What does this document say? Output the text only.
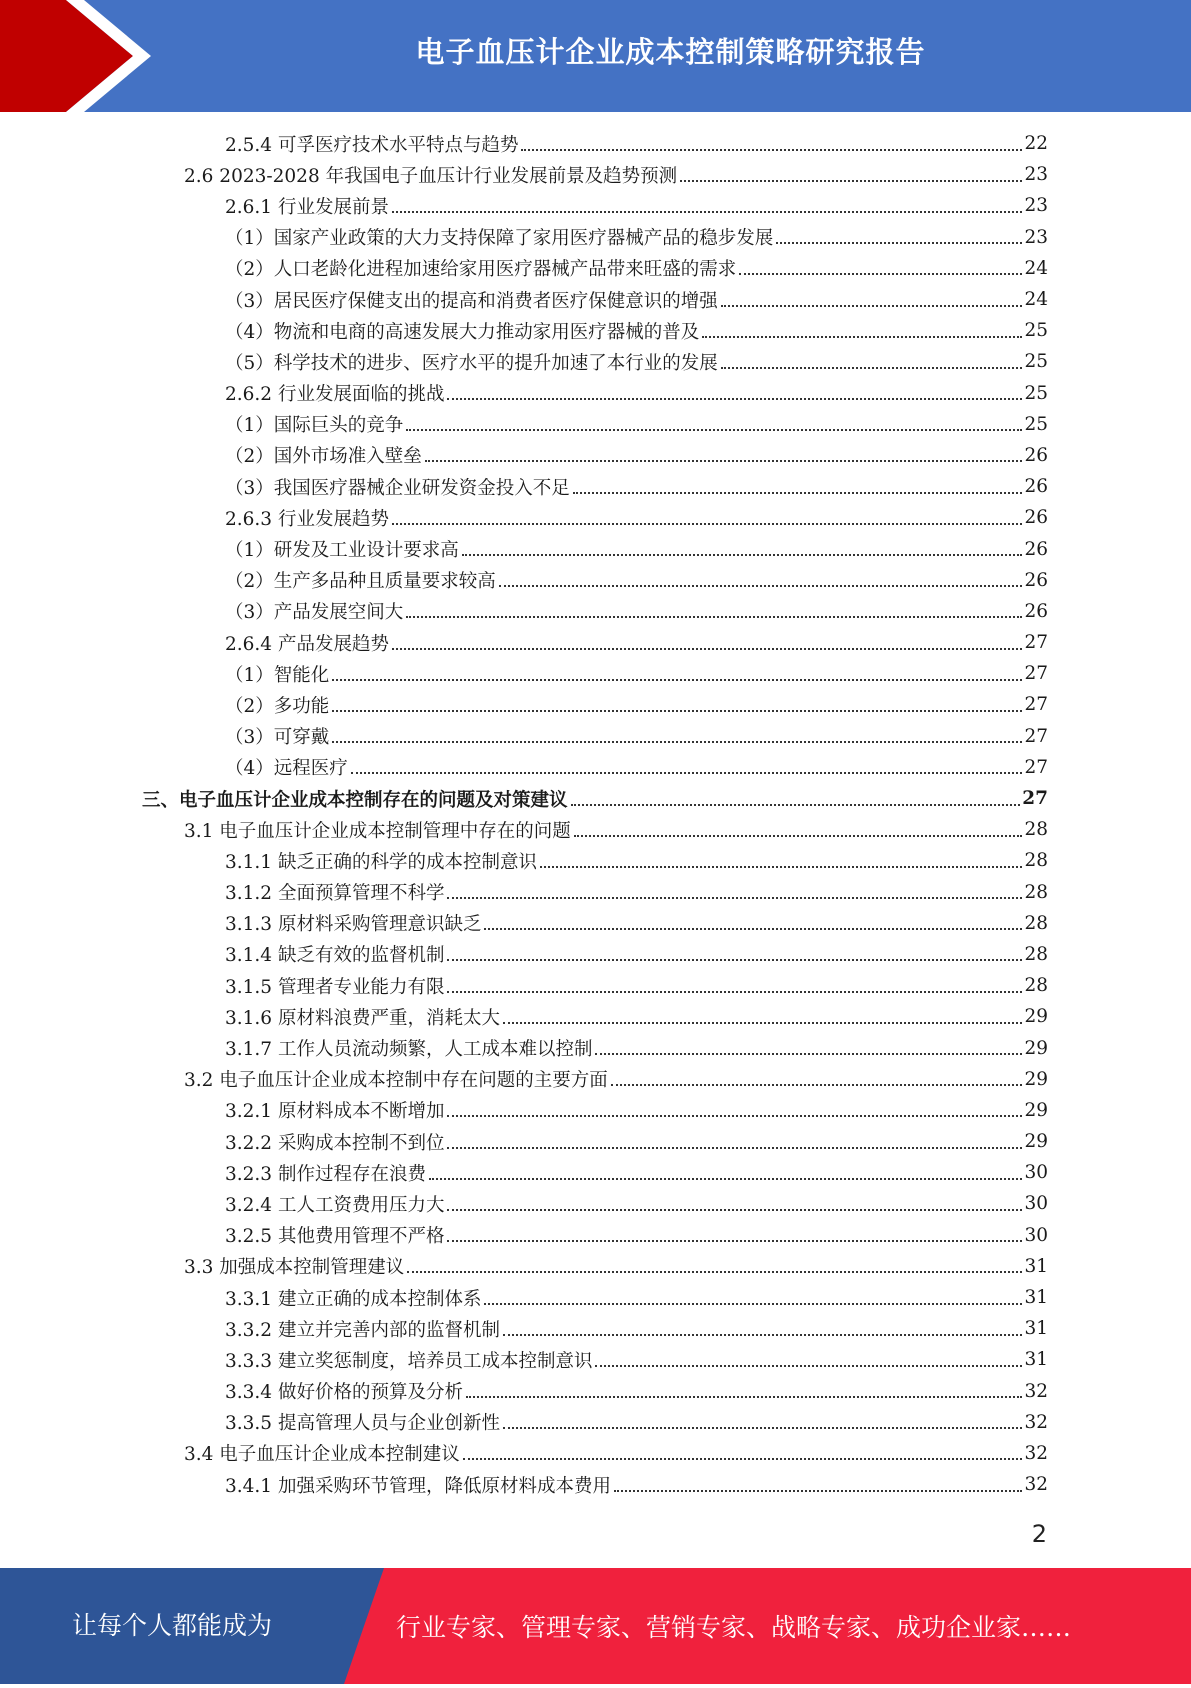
电子血压计企业成本控制策略研究报告
2.5.4 可孚医疗技术水平特点与趋势	22
2.6 2023-2028 年我国电子血压计行业发展前景及趋势预测	23
2.6.1 行业发展前景	23
（1）国家产业政策的大力支持保障了家用医疗器械产品的稳步发展	23
（2）人口老龄化进程加速给家用医疗器械产品带来旺盛的需求	24
（3）居民医疗保健支出的提高和消费者医疗保健意识的增强	24
（4）物流和电商的高速发展大力推动家用医疗器械的普及	25
（5）科学技术的进步、医疗水平的提升加速了本行业的发展	25
2.6.2 行业发展面临的挑战	25
（1）国际巨头的竞争	25
（2）国外市场准入壁垒	26
（3）我国医疗器械企业研发资金投入不足	26
2.6.3 行业发展趋势	26
（1）研发及工业设计要求高	26
（2）生产多品种且质量要求较高	26
（3）产品发展空间大	26
2.6.4 产品发展趋势	27
（1）智能化	27
（2）多功能	27
（3）可穿戴	27
（4）远程医疗	27
三、电子血压计企业成本控制存在的问题及对策建议	27
3.1 电子血压计企业成本控制管理中存在的问题	28
3.1.1 缺乏正确的科学的成本控制意识	28
3.1.2 全面预算管理不科学	28
3.1.3 原材料采购管理意识缺乏	28
3.1.4 缺乏有效的监督机制	28
3.1.5 管理者专业能力有限	28
3.1.6 原材料浪费严重，消耗太大	29
3.1.7 工作人员流动频繁，人工成本难以控制	29
3.2 电子血压计企业成本控制中存在问题的主要方面	29
3.2.1 原材料成本不断增加	29
3.2.2 采购成本控制不到位	29
3.2.3 制作过程存在浪费	30
3.2.4 工人工资费用压力大	30
3.2.5 其他费用管理不严格	30
3.3 加强成本控制管理建议	31
3.3.1 建立正确的成本控制体系	31
3.3.2 建立并完善内部的监督机制	31
3.3.3 建立奖惩制度，培养员工成本控制意识	31
3.3.4 做好价格的预算及分析	32
3.3.5 提高管理人员与企业创新性	32
3.4 电子血压计企业成本控制建议	32
3.4.1 加强采购环节管理，降低原材料成本费用	32
2
让每个人都能成为	行业专家、管理专家、营销专家、战略专家、成功企业家……
